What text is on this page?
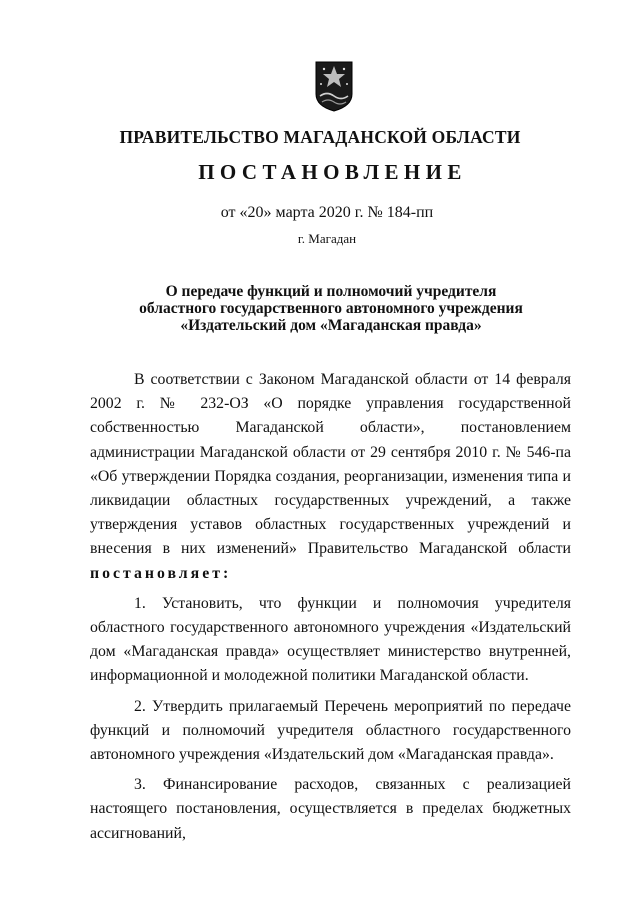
ПРАВИТЕЛЬСТВО МАГАДАНСКОЙ ОБЛАСТИ
ПОСТАНОВЛЕНИЕ
от «20» марта 2020 г. № 184-пп
г. Магадан
О передаче функций и полномочий учредителя
областного государственного автономного учреждения
«Издательский дом «Магаданская правда»

В соответствии с Законом Магаданской области от 14 февраля 2002 г. № 232-ОЗ «О порядке управления государственной собственностью Магаданской области», постановлением администрации Магаданской области от 29 сентября 2010 г. № 546-па «Об утверждении Порядка создания, реорганизации, изменения типа и ликвидации областных государственных учреждений, а также утверждения уставов областных государственных учреждений и внесения в них изменений» Правительство Магаданской области постановляет:

1. Установить, что функции и полномочия учредителя областного государственного автономного учреждения «Издательский дом «Магаданская правда» осуществляет министерство внутренней, информационной и молодежной политики Магаданской области.

2. Утвердить прилагаемый Перечень мероприятий по передаче функций и полномочий учредителя областного государственного автономного учреждения «Издательский дом «Магаданская правда».

3. Финансирование расходов, связанных с реализацией настоящего постановления, осуществляется в пределах бюджетных ассигнований,
